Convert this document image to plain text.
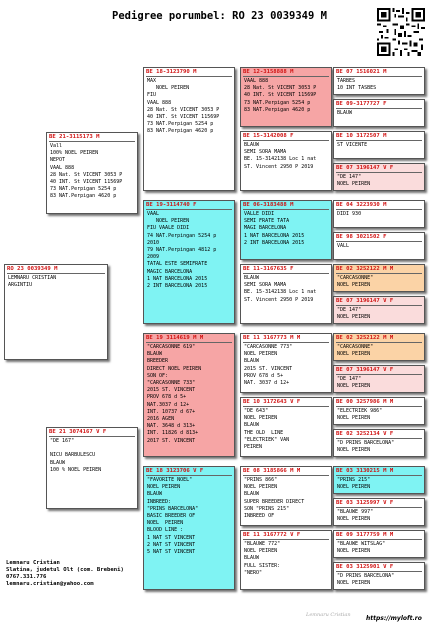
Pedigree porumbel: RO 23 0039349 M
RO 23 0039349 M
LEMNARU CRISTIAN
ARGINTIU
BE 21-3115173 M
Vall
100% NOEL PEIREN
NEPOT
VAAL 888
28 Nat. St VICENT 3053 P
40 INT. St VICENT 11569P
73 NAT.Perpigan 5254 p
83 NAT.Perpigan 4620 p
BE 21 3074167 V F
"DE 167"

NICU BARBULESCU
BLAUW
100 % NOEL PEIREN
BE 18-3123790 M
MAX
NOEL PEIREN
FIU
VAAL 888
28 Nat. St VICENT 3053 P
40 INT. St VICENT 11569P
73 NAT.Perpigan 5254 p
83 NAT.Perpigan 4620 p
BE 19-3114740 F
VAAL
NOEL PEIREN
FIU VAALE DIDI
74 NAT.Perpingan 5254 p
2010
79 NAT.Perpingan 4812 p
2009
TATAL ESTE SEMIFRATE
MAGIC BARCELONA
1 NAT BARCELONA 2015
2 INT BARCELONA 2015
BE 19 3114619 M M
"CARCASONNE 619"
BLAUW
BREEDER
DIRECT NOEL PEIREN
SON OF:
"CARCASONNE 733"
2015 ST. VINCENT
PROV 678 d 5+
NAT.3037 d 12+
INT. 10737 d 67+
2016 AGEN
NAT. 3648 d 313+
INT. 11826 d 813+
2017 ST. VINCENT
BE 18 3123706 V F
"FAVORITE NOEL"
NOEL PEIREN
BLAUW
INBREED:
"PRINS BARCELONA"
BASIC BREEDER OF
NOEL  PEIREN
BLOOD LINE :
1 NAT ST VINCENT
2 NAT ST VINCENT
5 NAT ST VINCENT
BE 12-3158888 M
VAAL 888
28 Nat. St VICENT 3053 P
40 INT. St VICENT 11569P
73 NAT.Perpigan 5254 p
83 NAT.Perpigan 4620 p
BE 15-3142008 F
BLAUW
SEMI SORA MAMA
BE. 15-3142138 Loc 1 nat
ST. Vincent 2950 P 2019
BE 06-3183488 M
VALLE DIDI
SEMI FRATE TATA
MAGI BARCELONA
1 NAT BARCELONA 2015
2 INT BARCELONA 2015
BE 11-3167635 F
BLAUW
SEMI SORA MAMA
BE. 15-3142138 Loc 1 nat
ST. Vincent 2950 P 2019
BE 11 3167773 M M
"CARCASONNE 773"
NOEL PEIREN
BLAUW
2015 ST. VINCENT
PROV 678 d 5+
NAT. 3037 d 12+
BE 10 3172643 V F
"DE 643"
NOEL PEIREN
BLAUW
THE OLD  LINE
"ELECTRIEK" VAN
PEIREN
BE 08 3185866 M M
"PRINS 866"
NOEL PEIREN
BLAUW
SUPER BREEDER DIRECT
SON "PRINS 215"
INBREED OF
BE 11 3167772 V F
"BLAUWE 772"
NOEL PEIREN
BLAUW
FULL SISTER:
"NERO"
BE 07 1516021 M
TARBES
10 INT TASBES
BE 09-3177727 F
BLAUW
BE 10 3172507 M
ST VICENTE
BE 07 3196147 V F
"DE 147"
NOEL PEIREN
BE 04 3223930 M
DIDI 930
BE 98 3021502 F
VALL
BE 02 3252122 M M
"CARCASONNE"
NOEL PEIREN
BE 07 3196147 V F
"DE 147"
NOEL PEIREN
BE 02 3252122 M M
"CARCASONNE"
NOEL PEIREN
BE 07 3196147 V F
"DE 147"
NOEL PEIREN
BE 00 3257986 M M
"ELECTRIEK 986"
NOEL PEIREN
BE 02 3252134 V F
"D PRINS BARCELONA"
NOEL PEIREN
BE 03 3130215 M M
"PRINS 215"
NOEL PEIREN
BE 03 3125997 V F
"BLAUWE 997"
NOEL PEIREN
BE 09 3177759 M M
"BLAUWE WITSLAG"
NOEL PEIREN
BE 03 3125901 V F
"D PRINS BARCELONA"
NOEL PEIREN
Lemnaru Cristian
Slatina, judetul Olt (com. Brebeni)
0767.331.776
lemnaru.cristian@yahoo.com
Lemnaru Cristian	https://myloft.ro
